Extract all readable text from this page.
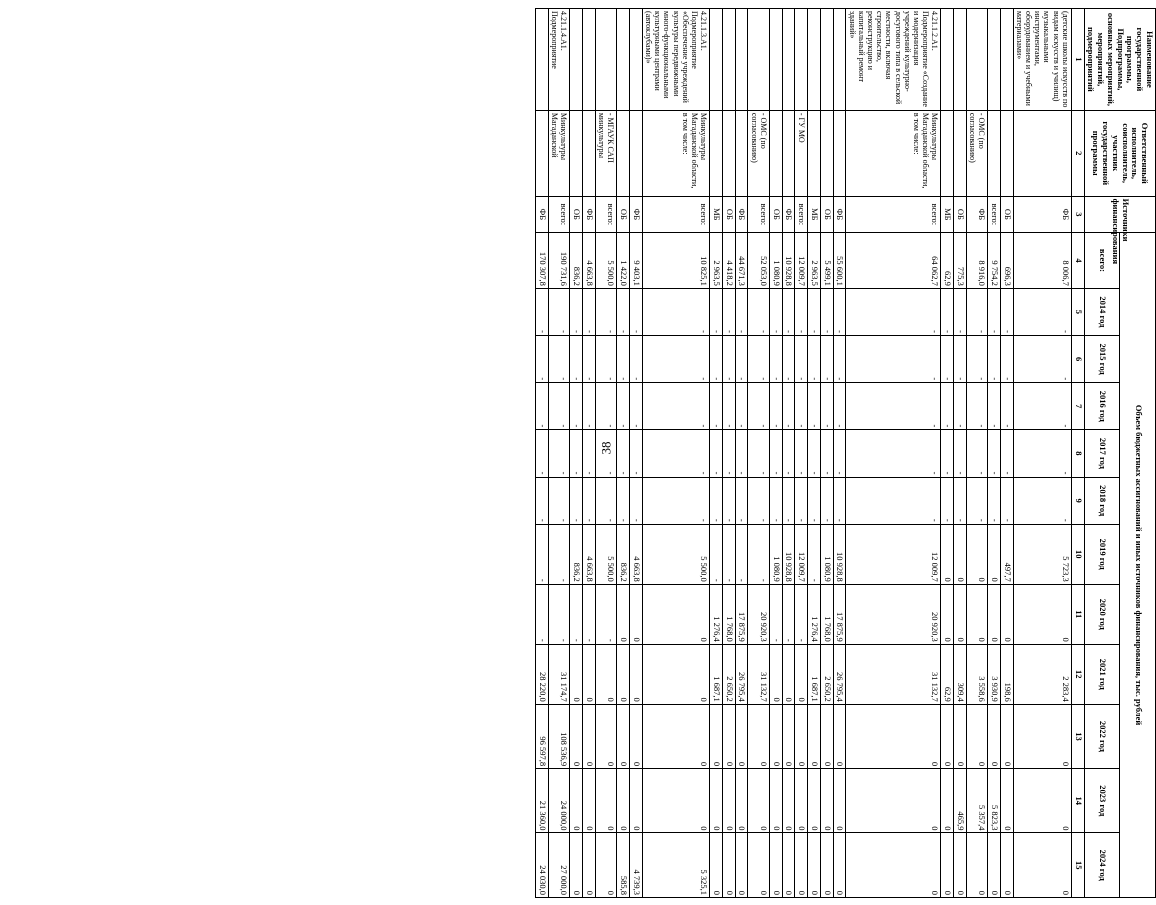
38
Наименование государственной программы, Подпрограммы, основных мероприятий, мероприятий, подмероприятий	Ответственный исполнитель, соисполнитель, участник государственной программы	Источники финансирования	Объем бюджетных ассигнований и иных источников финансирования, тыс. рублей											
			всего:	2014 год	2015 год	2016 год	2017 год	2018 год	2019 год	2020 год	2021 год	2022 год	2023 год	2024 год
1	2	3	4	5	6	7	8	9	10	11	12	13	14	15
(детские школы искусств по видам искусств и училищ) музыкальными инструментами, оборудованием и учебными материалами»		ФБ	8 006,7	-	-	-	-	-	5 723,3	0	2 283,4	0	0	0
		ОБ	696,3	-	-	-	-	-	497,7	0	198,6	0	0	0
		всего:	9 754,2	-	-	-	-	-	0	0	3 930,9	0	5 823,3	0
	- ОМС (по согласованию)	ФБ	8 916,0	-	-	-	-	-	0	0	3 558,6	0	5 357,4	0
		ОБ	775,3	-	-	-	-	-	0	0	309,4	0	465,9	0
		МБ	62,9	-	-	-	-	-	0	0	62,9	0	0	0
4.21.1.2.А1. Подмероприятие «Создание и модернизация учреждений культурно-досугового типа в сельской местности, включая строительство, реконструкцию и капитальный ремонт зданий»	Минкультуры Магаданской области, в том числе:	всего:	64 062,7	-	-	-	-	-	12 009,7	20 920,3	31 132,7	0	0	0
		ФБ	55 600,1	-	-	-	-	-	10 928,8	17 875,9	26 795,4	0	0	0
		ОБ	5 499,1	-	-	-	-	-	1 080,9	1 768,0	2 650,2	0	0	0
		МБ	2 963,5	-	-	-	-	-	-	1 276,4	1 687,1	0	0	0
	- ГУ МО	всего:	12 009,7	-	-	-	-	-	12 009,7	-	0	0	0	0
		ФБ	10 928,8	-	-	-	-	-	10 928,8	-	0	0	0	0
		ОБ	1 080,9	-	-	-	-	-	1 080,9	-	0	0	0	0
	- ОМС (по согласованию)	всего:	52 053,0	-	-	-	-	-	-	20 920,3	31 132,7	0	0	0
		ФБ	44 671,3	-	-	-	-	-	-	17 875,9	26 795,4	0	0	0
		ОБ	4 418,2	-	-	-	-	-	-	1 768,0	2 650,2	0	0	0
		МБ	2 963,5	-	-	-	-	-	-	1 276,4	1 687,1	0	0	0
4.21.1.3.А1. Подмероприятие «Обеспечение учреждений культуры передвижными много-функциональными культурными центрами (автоклубами)»	Минкультуры Магаданской области, в том числе:	всего:	10 825,1	-	-	-	-	-	5 500,0	0	0	0	0	5 325,1
		ФБ	9 403,1	-	-	-	-	-	4 663,8	0	0	0	0	4 739,3
		ОБ	1 422,0	-	-	-	-	-	836,2	0	0	0	0	585,8
	- МГАУК САП минкультуры	всего:	5 500,0	-	-	-	-	-	5 500,0	-	0	0	0	0
		ФБ	4 663,8	-	-	-	-	-	4 663,8	-	0	0	0	0
		ОБ	836,2	-	-	-	-	-	836,2	-	0	0	0	0
4.21.1.4.А1. Подмероприятие	Минкультуры Магаданской	всего:	190 731,6	-	-	-	-	-	-	-	31 174,7	108 536,9	24 000,0	27 000,0
		ФБ	170 307,8	-	-	-	-	-	-	-	28 220,0	96 597,8	21 360,0	24 030,0
